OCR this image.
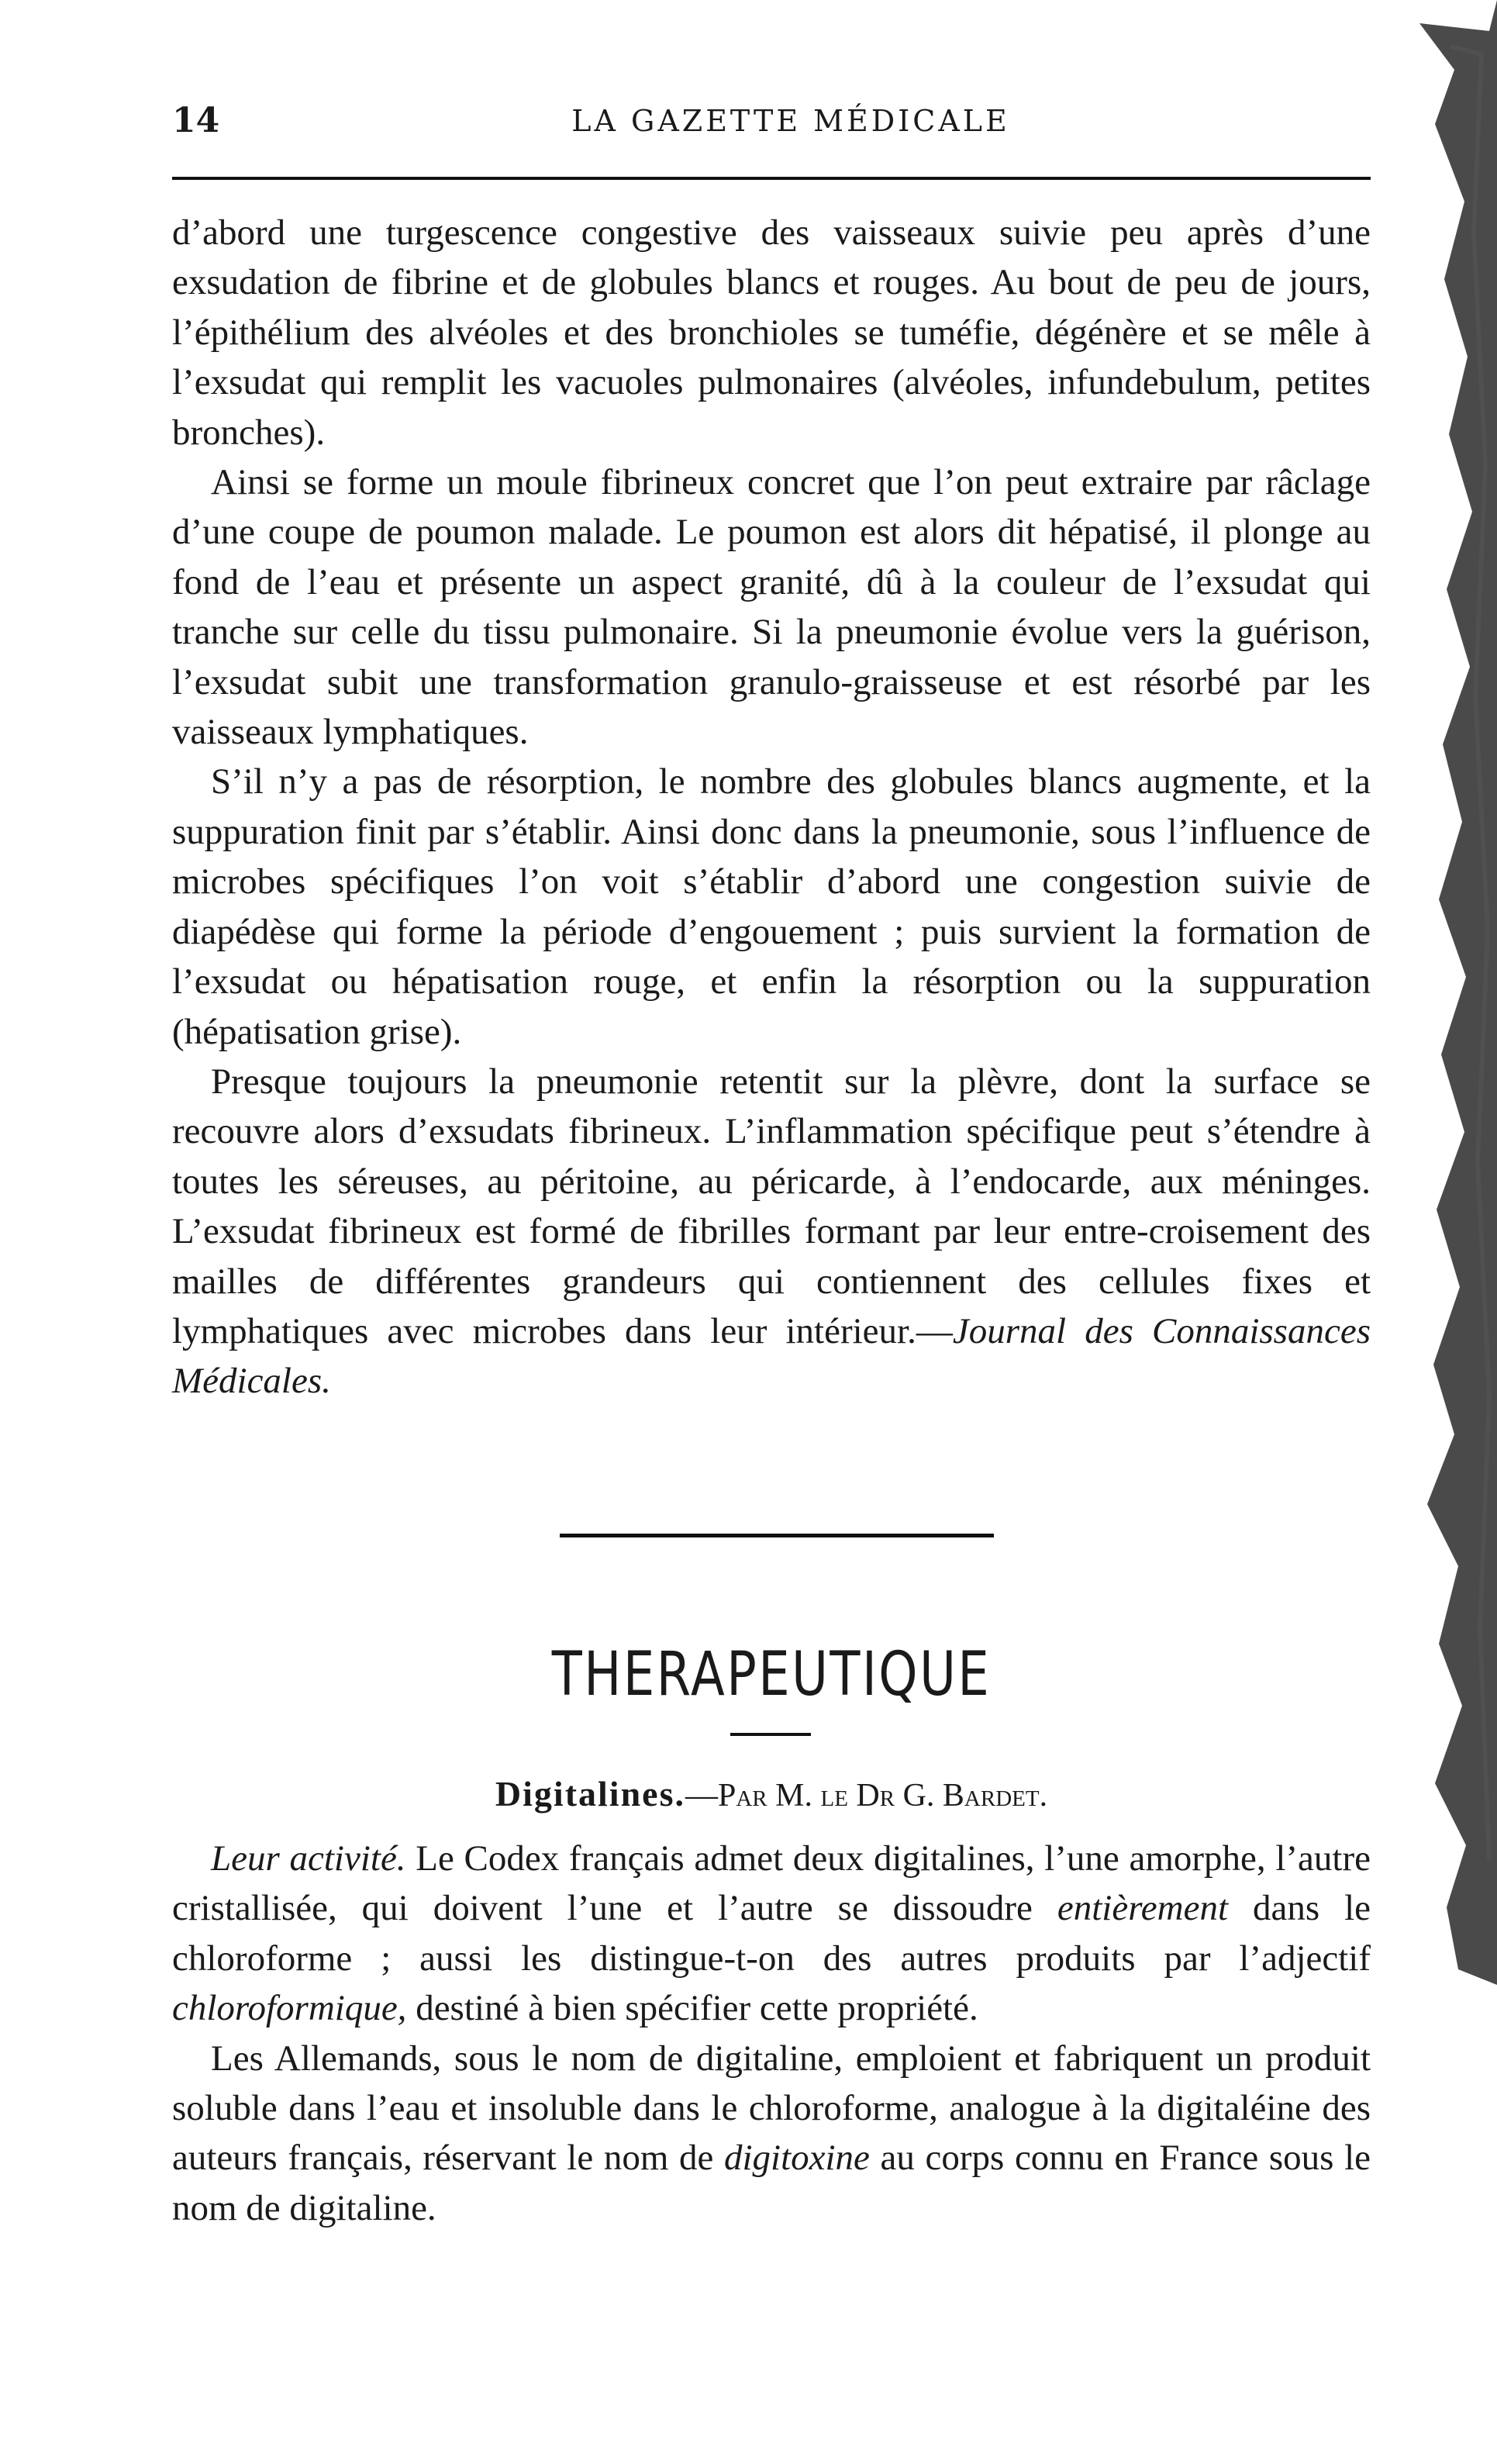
14	LA GAZETTE MÉDICALE

d’abord une turgescence congestive des vaisseaux suivie peu après d’une exsudation de fibrine et de globules blancs et rouges. Au bout de peu de jours, l’épithélium des alvéoles et des bronchioles se tuméfie, dégénère et se mêle à l’exsudat qui remplit les vacuoles pulmonaires (alvéoles, infundebulum, petites bronches).

Ainsi se forme un moule fibrineux concret que l’on peut extraire par râclage d’une coupe de poumon malade. Le poumon est alors dit hépatisé, il plonge au fond de l’eau et présente un aspect granité, dû à la couleur de l’exsudat qui tranche sur celle du tissu pulmonaire. Si la pneumonie évolue vers la guérison, l’exsudat subit une transformation granulo-graisseuse et est résorbé par les vaisseaux lymphatiques.

S’il n’y a pas de résorption, le nombre des globules blancs augmente, et la suppuration finit par s’établir. Ainsi donc dans la pneumonie, sous l’influence de microbes spécifiques l’on voit s’établir d’abord une congestion suivie de diapédèse qui forme la période d’engouement ; puis survient la formation de l’exsudat ou hépatisation rouge, et enfin la résorption ou la suppuration (hépatisation grise).

Presque toujours la pneumonie retentit sur la plèvre, dont la surface se recouvre alors d’exsudats fibrineux. L’inflammation spécifique peut s’étendre à toutes les séreuses, au péritoine, au péricarde, à l’endocarde, aux méninges. L’exsudat fibrineux est formé de fibrilles formant par leur entre-croisement des mailles de différentes grandeurs qui contiennent des cellules fixes et lymphatiques avec microbes dans leur intérieur.—Journal des Connaissances Médicales.

THERAPEUTIQUE
Digitalines.—Par M. le Dr G. Bardet.

Leur activité. Le Codex français admet deux digitalines, l’une amorphe, l’autre cristallisée, qui doivent l’une et l’autre se dissoudre entièrement dans le chloroforme ; aussi les distingue-t-on des autres produits par l’adjectif chloroformique, destiné à bien spécifier cette propriété.

Les Allemands, sous le nom de digitaline, emploient et fabriquent un produit soluble dans l’eau et insoluble dans le chloroforme, analogue à la digitaléine des auteurs français, réservant le nom de digitoxine au corps connu en France sous le nom de digitaline.
